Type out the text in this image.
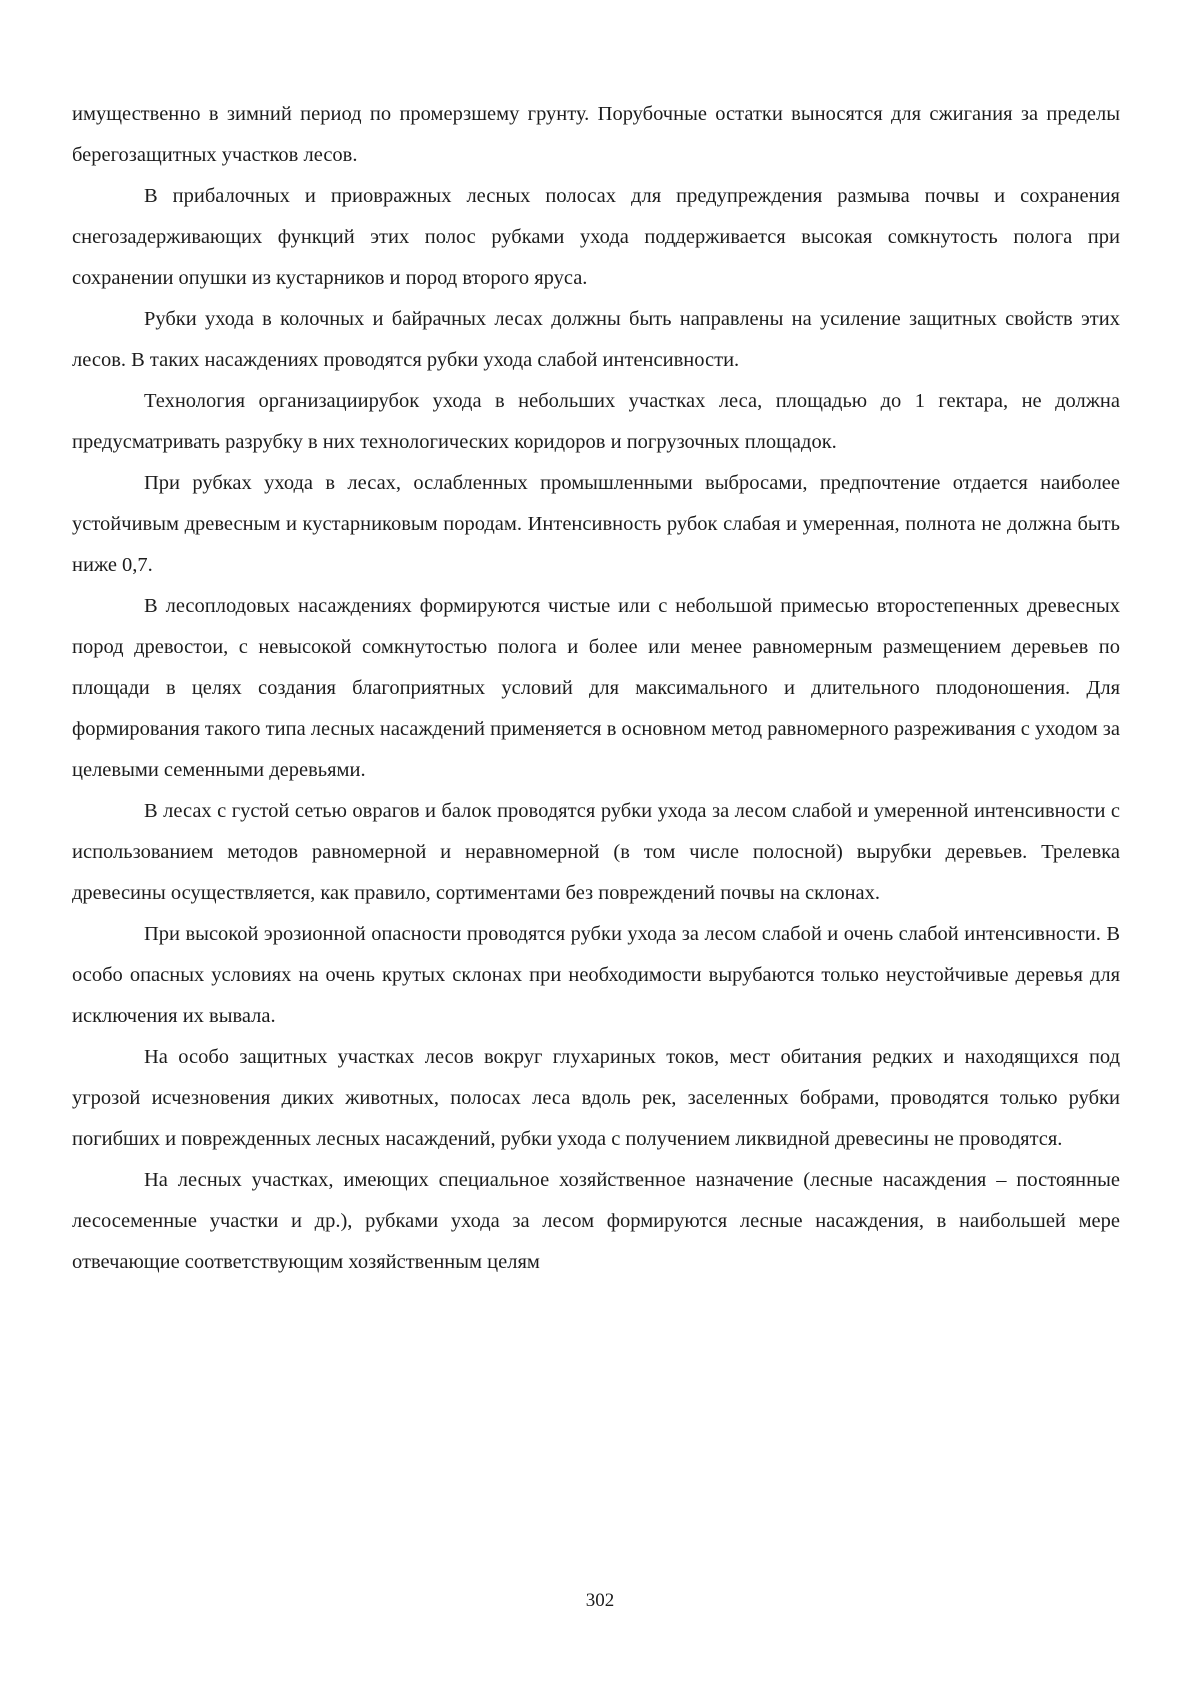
имущественно в зимний период по промерзшему грунту. Порубочные остатки выносятся для сжигания за пределы берегозащитных участков лесов.

В прибалочных и приовражных лесных полосах для предупреждения размыва почвы и сохранения снегозадерживающих функций этих полос рубками ухода поддерживается высокая сомкнутость полога при сохранении опушки из кустарников и пород второго яруса.

Рубки ухода в колочных и байрачных лесах должны быть направлены на усиление защитных свойств этих лесов. В таких насаждениях проводятся рубки ухода слабой интенсивности.

Технология организациирубок ухода в небольших участках леса, площадью до 1 гектара, не должна предусматривать разрубку в них технологических коридоров и погрузочных площадок.

При рубках ухода в лесах, ослабленных промышленными выбросами, предпочтение отдается наиболее устойчивым древесным и кустарниковым породам. Интенсивность рубок слабая и умеренная, полнота не должна быть ниже 0,7.

В лесоплодовых насаждениях формируются чистые или с небольшой примесью второстепенных древесных пород древостои, с невысокой сомкнутостью полога и более или менее равномерным размещением деревьев по площади в целях создания благоприятных условий для максимального и длительного плодоношения. Для формирования такого типа лесных насаждений применяется в основном метод равномерного разреживания с уходом за целевыми семенными деревьями.

В лесах с густой сетью оврагов и балок проводятся рубки ухода за лесом слабой и умеренной интенсивности с использованием методов равномерной и неравномерной (в том числе полосной) вырубки деревьев. Трелевка древесины осуществляется, как правило, сортиментами без повреждений почвы на склонах.

При высокой эрозионной опасности проводятся рубки ухода за лесом слабой и очень слабой интенсивности. В особо опасных условиях на очень крутых склонах при необходимости вырубаются только неустойчивые деревья для исключения их вывала.

На особо защитных участках лесов вокруг глухариных токов, мест обитания редких и находящихся под угрозой исчезновения диких животных, полосах леса вдоль рек, заселенных бобрами, проводятся только рубки погибших и поврежденных лесных насаждений, рубки ухода с получением ликвидной древесины не проводятся.

На лесных участках, имеющих специальное хозяйственное назначение (лесные насаждения – постоянные лесосеменные участки и др.), рубками ухода за лесом формируются лесные насаждения, в наибольшей мере отвечающие соответствующим хозяйственным целям

302
